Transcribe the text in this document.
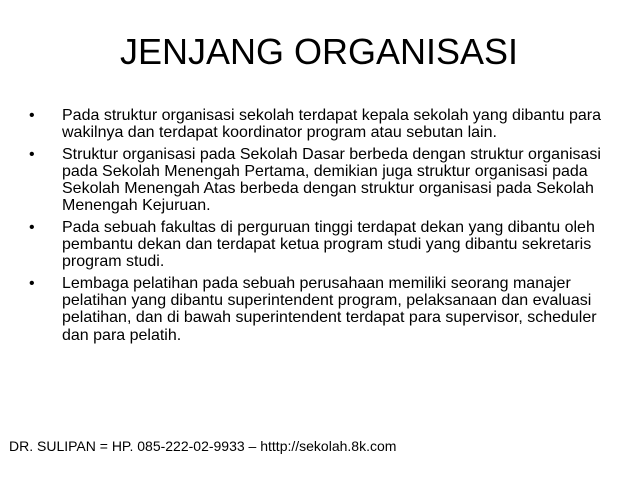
JENJANG ORGANISASI
• Pada struktur organisasi sekolah terdapat kepala sekolah yang dibantu para wakilnya dan terdapat koordinator program atau sebutan lain.
• Struktur organisasi pada Sekolah Dasar berbeda dengan struktur organisasi pada Sekolah Menengah Pertama, demikian juga struktur organisasi pada Sekolah Menengah Atas berbeda dengan struktur organisasi pada Sekolah Menengah Kejuruan.
• Pada sebuah fakultas di perguruan tinggi terdapat dekan yang dibantu oleh pembantu dekan dan terdapat ketua program studi yang dibantu sekretaris program studi.
• Lembaga pelatihan pada sebuah perusahaan memiliki seorang manajer pelatihan yang dibantu superintendent program, pelaksanaan dan evaluasi pelatihan, dan di bawah superintendent terdapat para supervisor, scheduler dan para pelatih.
DR. SULIPAN = HP. 085-222-02-9933 – htttp://sekolah.8k.com
